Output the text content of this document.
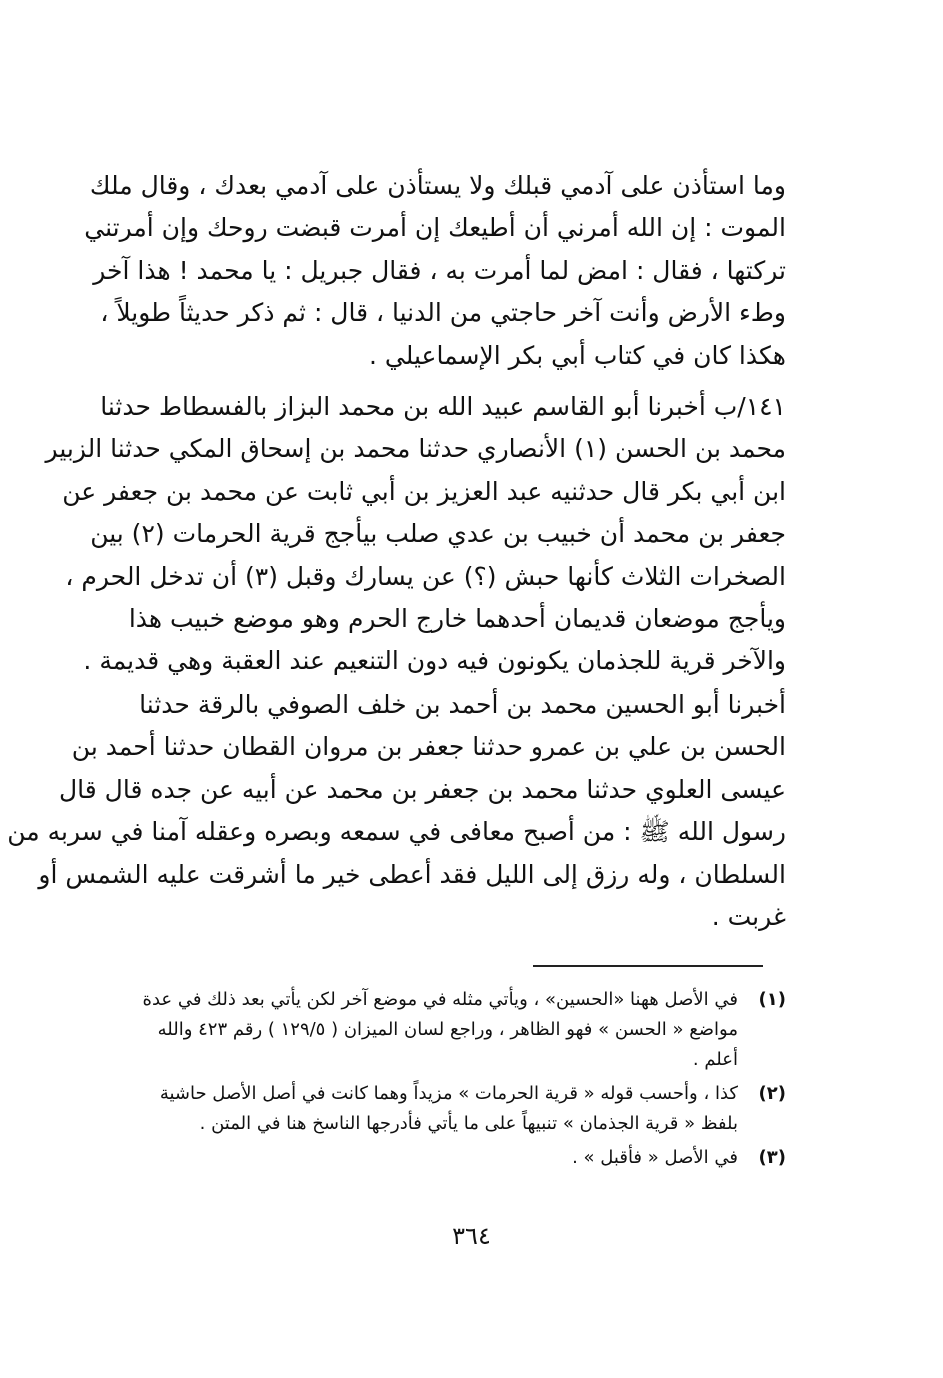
وما استأذن على آدمي قبلك ولا يستأذن على آدمي بعدك ، وقال ملك
الموت : إن الله أمرني أن أطيعك إن أمرت قبضت روحك وإن أمرتني
تركتها ، فقال : امض لما أمرت به ، فقال جبريل : يا محمد ! هذا آخر
وطء الأرض وأنت آخر حاجتي من الدنيا ، قال : ثم ذكر حديثاً طويلاً ،
هكذا كان في كتاب أبي بكر الإسماعيلي .
١٤١/ب أخبرنا أبو القاسم عبيد الله بن محمد البزاز بالفسطاط حدثنا
محمد بن الحسن (١) الأنصاري حدثنا محمد بن إسحاق المكي حدثنا الزبير
ابن أبي بكر قال حدثنيه عبد العزيز بن أبي ثابت عن محمد بن جعفر عن
جعفر بن محمد أن خبيب بن عدي صلب بيأجج قرية الحرمات (٢) بين
الصخرات الثلاث كأنها حبش (؟) عن يسارك وقبل (٣) أن تدخل الحرم ،
ويأجج موضعان قديمان أحدهما خارج الحرم وهو موضع خبيب هذا
والآخر قرية للجذمان يكونون فيه دون التنعيم عند العقبة وهي قديمة .
أخبرنا أبو الحسين محمد بن أحمد بن خلف الصوفي بالرقة حدثنا
الحسن بن علي بن عمرو حدثنا جعفر بن مروان القطان حدثنا أحمد بن
عيسى العلوي حدثنا محمد بن جعفر بن محمد عن أبيه عن جده قال قال
رسول الله ﷺ : من أصبح معافى في سمعه وبصره وعقله آمنا في سربه من
السلطان ، وله رزق إلى الليل فقد أعطى خير ما أشرقت عليه الشمس أو
غربت .
(١)
في الأصل ههنا «الحسين» ، ويأتي مثله في موضع آخر لكن يأتي بعد ذلك في عدة
مواضع « الحسن » فهو الظاهر ، وراجع لسان الميزان ( ١٢٩/٥ ) رقم ٤٢٣ والله
أعلم .
(٢)
كذا ، وأحسب قوله « قرية الحرمات » مزيداً وهما كانت في أصل الأصل حاشية
بلفظ « قرية الجذمان » تنبيهاً على ما يأتي فأدرجها الناسخ هنا في المتن .
(٣)
في الأصل « فأقبل » .
٣٦٤
